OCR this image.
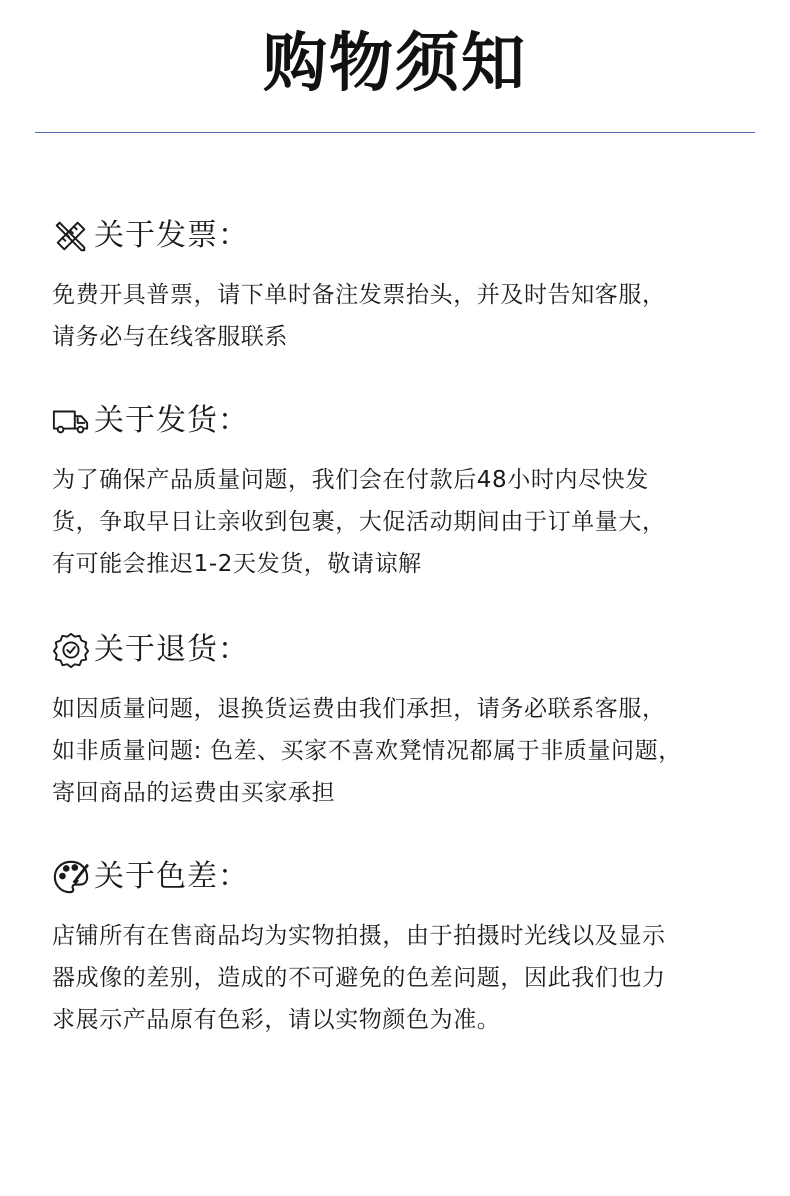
购物须知
关于发票：
免费开具普票，请下单时备注发票抬头，并及时告知客服，
请务必与在线客服联系
关于发货：
为了确保产品质量问题，我们会在付款后48小时内尽快发
货，争取早日让亲收到包裹，大促活动期间由于订单量大，
有可能会推迟1-2天发货，敬请谅解
关于退货：
如因质量问题，退换货运费由我们承担，请务必联系客服，
如非质量问题: 色差、买家不喜欢凳情况都属于非质量问题，
寄回商品的运费由买家承担
关于色差：
店铺所有在售商品均为实物拍摄，由于拍摄时光线以及显示
器成像的差别，造成的不可避免的色差问题，因此我们也力
求展示产品原有色彩，请以实物颜色为准。
